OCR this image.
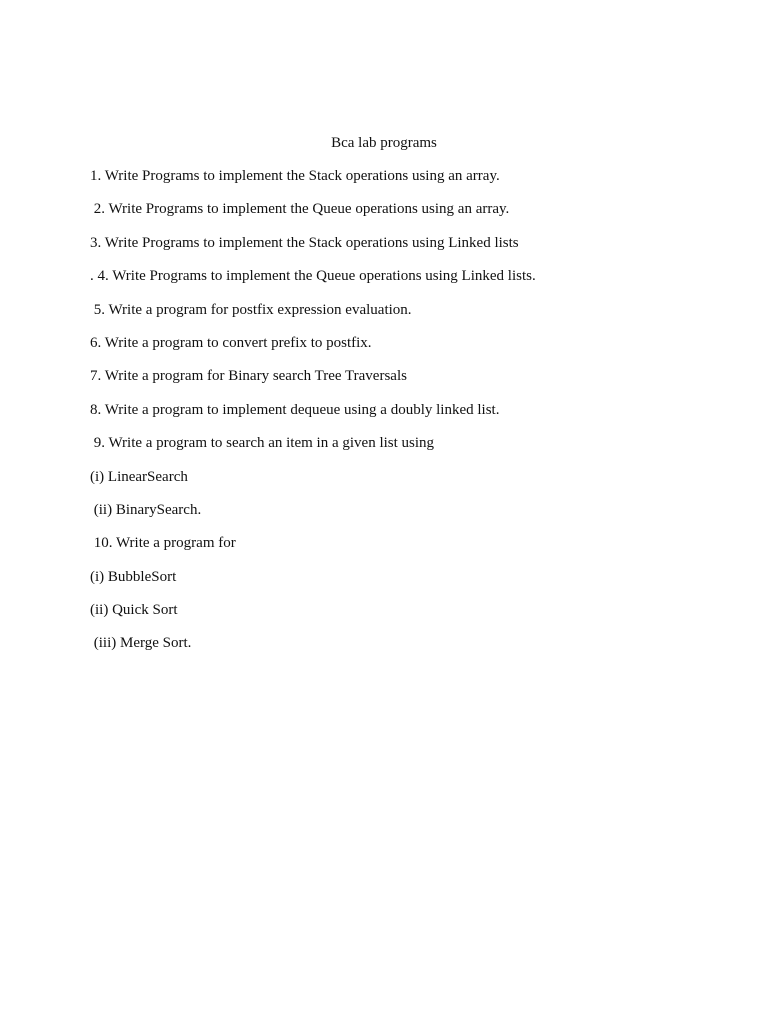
Bca lab programs
1. Write Programs to implement the Stack operations using an array.
2. Write Programs to implement the Queue operations using an array.
3. Write Programs to implement the Stack operations using Linked lists
. 4. Write Programs to implement the Queue operations using Linked lists.
5. Write a program for postfix expression evaluation.
6. Write a program to convert prefix to postfix.
7. Write a program for Binary search Tree Traversals
8. Write a program to implement dequeue using a doubly linked list.
9. Write a program to search an item in a given list using
(i) LinearSearch
(ii) BinarySearch.
10. Write a program for
(i) BubbleSort
(ii) Quick Sort
(iii) Merge Sort.
